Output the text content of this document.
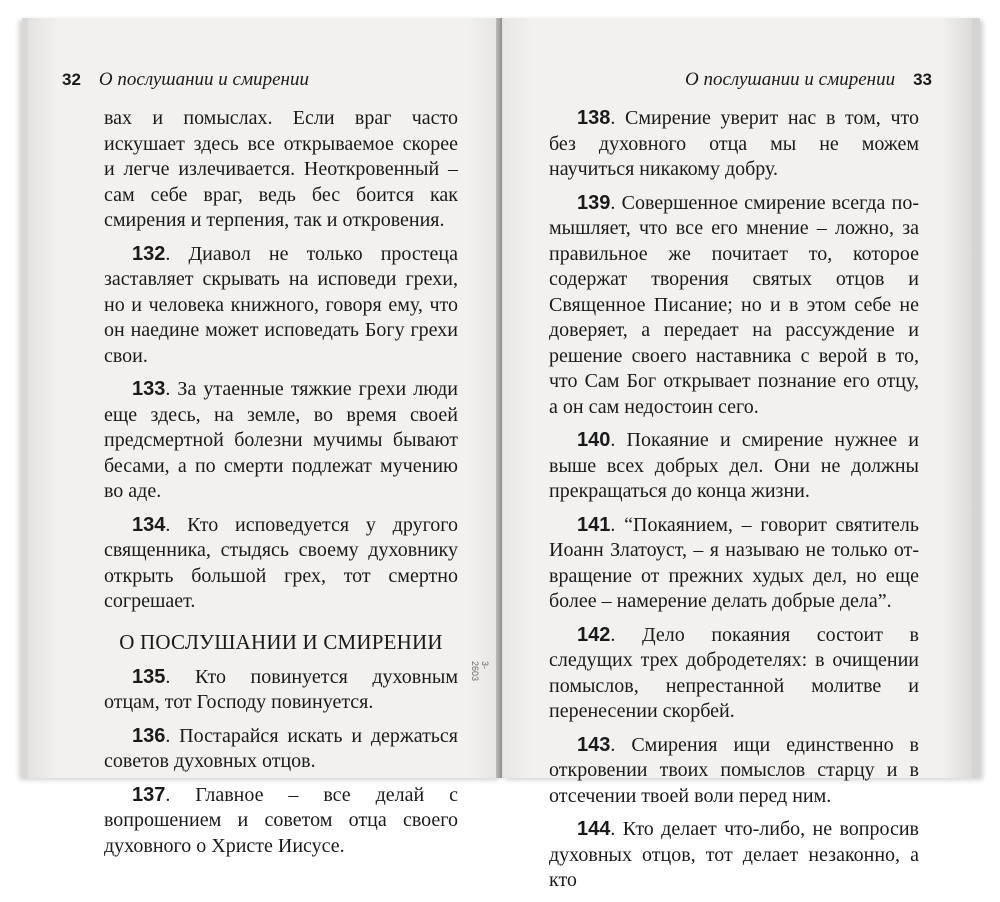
32 О послушании и смирении

вах и помыслах. Если враг часто искушает здесь все открываемое скорее и легче излечивается. Неоткровенный – сам себе враг, ведь бес боится как смирения и терпения, так и откровения.

132. Диавол не только простеца заставляет скрывать на исповеди грехи, но и человека книжного, говоря ему, что он наедине может исповедать Богу грехи свои.

133. За утаенные тяжкие грехи люди еще здесь, на земле, во время своей предсмертной болезни мучимы бывают бесами, а по смерти подлежат мучению во аде.

134. Кто исповедуется у другого священника, стыдясь своему духовнику открыть большой грех, тот смертно согрешает.

О ПОСЛУШАНИИ И СМИРЕНИИ

135. Кто повинуется духовным отцам, тот Господу повинуется.

136. Постарайся искать и держаться советов духовных отцов.

137. Главное – все делай с вопрошением и советом отца своего духовного о Христе Иисусе.

3-2603
О послушании и смирении 33

138. Смирение уверит нас в том, что без духовного отца мы не можем научиться никакому добру.

139. Совершенное смирение всегда помышляет, что все его мнение – ложно, за правильное же почитает то, которое содержат творения святых отцов и Священное Писание; но и в этом себе не доверяет, а передает на рассуждение и решение своего наставника с верой в то, что Сам Бог открывает познание его отцу, а он сам недостоин сего.

140. Покаяние и смирение нужнее и выше всех добрых дел. Они не должны прекращаться до конца жизни.

141. “Покаянием, – говорит святитель Иоанн Златоуст, – я называю не только отвращение от прежних худых дел, но еще более – намерение делать добрые дела”.

142. Дело покаяния состоит в следущих трех добродетелях: в очищении помыслов, непрестанной молитве и перенесении скорбей.

143. Смирения ищи единственно в откровении твоих помыслов старцу и в отсечении твоей воли перед ним.

144. Кто делает что-либо, не вопросив духовных отцов, тот делает незаконно, а кто
